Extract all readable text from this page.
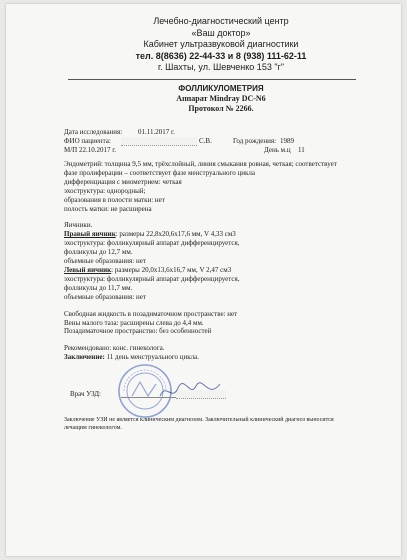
Лечебно-диагностический центр
«Ваш доктор»
Кабинет ультразвуковой диагностики
тел. 8(8636) 22-44-33 и 8 (938) 111-62-11
г. Шахты, ул. Шевченко 153 "г"
ФОЛЛИКУЛОМЕТРИЯ
Аппарат Mindray DC-N6
Протокол № 2266.
Дата исследования: 01.11.2017 г.
ФИО пациента:	С.В.	Год рождения: 1989
М/П 22.10.2017 г.	День м.ц 11
Эндометрий: толщина 9,5 мм, трёхслойный, линия смыкания ровная, четкая; соответствует
фазе пролиферации – соответствует фазе менструального цикла
дифференциация с миометрием: четкая
эхоструктура: однородный;
образования в полости матки: нет
полость матки: не расширена
Яичники.
Правый яичник: размеры 22,8х20,6х17,6 мм, V 4,33 см3
эхоструктура: фолликулярный аппарат дифференцируется,
фолликулы до 12,7 мм.
объемные образования: нет
Левый яичник: размеры 20,0х13,6х16,7 мм, V 2,47 см3
эхоструктура: фолликулярный аппарат дифференцируется,
фолликулы до 11,7 мм.
объемные образования: нет
Свободная жидкость в позадиматочном пространстве: нет
Вены малого таза: расширены слева до 4,4 мм.
Позадиматочное пространство: без особенностей
Рекомендовано: конс. гинеколога.
Заключение: 11 день менструального цикла.
Врач УЗД:
Заключение УЗИ не является клиническим диагнозом. Заключительный клинический диагноз выносится
лечащим гинекологом.
